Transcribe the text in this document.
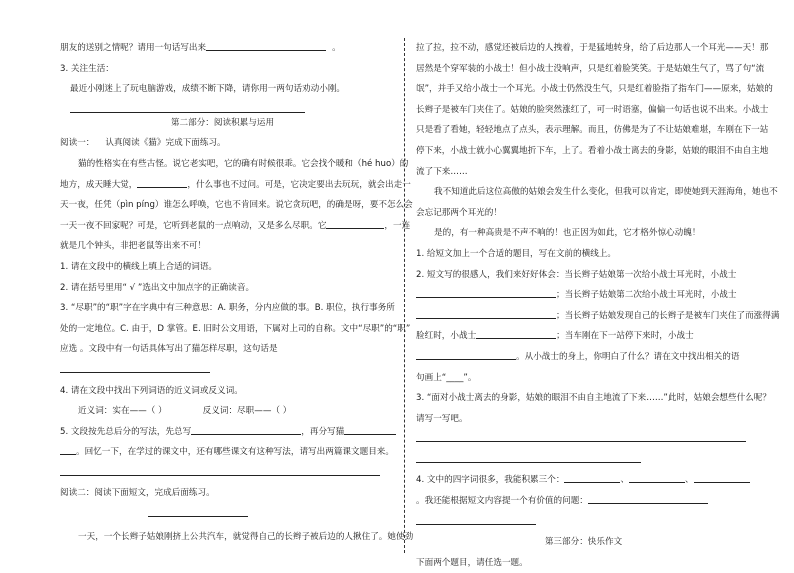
朋友的送别之情呢？请用一句话写出来	。
3. 关注生活：
最近小刚迷上了玩电脑游戏，成绩不断下降，请你用一两句话劝动小刚。
第二部分：阅读积累与运用
阅读一： 认真阅读《猫》完成下面练习。
猫的性格实在有些古怪。说它老实吧，它的确有时候很乖。它会找个暖和（hé huo）的
地方，成天睡大觉，	，什么事也不过问。可是，它决定要出去玩玩，就会出走一
天一夜，任凭（pìn píng）谁怎么呼唤，它也不肯回来。说它贪玩吧，的确是呀，要不怎么会
一天一夜不回家呢？可是，它听到老鼠的一点响动，又是多么尽职。它	，一连
就是几个钟头，非把老鼠等出来不可！
1. 请在文段中的横线上填上合适的词语。
2. 请在括号里用“ √ ”选出文中加点字的正确读音。
3. “尽职”的“职”字在字典中有三种意思：A. 职务，分内应做的事。B. 职位，执行事务所
处的一定地位。C. 由于，D 掌管。E. 旧时公文用语，下属对上司的自称。文中“尽职”的“职”
应选 。文段中有一句话具体写出了猫怎样尽职，这句话是
4. 请在文段中找出下列词语的近义词或反义词。
近义词：实在——（ ）	反义词：尽职——（ ）
5. 文段按先总后分的写法，先总写	，再分写猫
。回忆一下，在学过的课文中，还有哪些课文有这种写法，请写出两篇课文题目来。
阅读二：阅读下面短文，完成后面练习。
一天，一个长辫子姑娘刚挤上公共汽车，就觉得自己的长辫子被后边的人揪住了。她使劲
拉了拉，拉不动，感觉还被后边的人拽着，于是猛地转身，给了后边那人一个耳光——天！那
居然是个穿军装的小战士！但小战士没响声，只是红着脸笑笑。于是姑娘生气了，骂了句“流
氓”，并手又给小战士一个耳光。小战士仍然没生气，只是红着脸指了指车门——原来，姑娘的
长辫子是被车门夹住了。姑娘的脸突然涨红了，可一时语塞，偏偏一句话也说不出来。小战士
只是看了看她，轻轻地点了点头，表示理解。而且，仿佛是为了不让姑娘难堪，车刚在下一站
停下来，小战士就小心翼翼地折下车，上了。看着小战士离去的身影，姑娘的眼泪不由自主地
流了下来……
我不知道此后这位高傲的姑娘会发生什么变化，但我可以肯定，即使她到天涯海角，她也不
会忘记那两个耳光的！
是的，有一种高贵是不声不响的！也正因为如此，它才格外惊心动魄！
1. 给短文加上一个合适的题目，写在文前的横线上。
2. 短文写的很感人，我们来好好体会：当长辫子姑娘第一次给小战士耳光时，小战士
；当长辫子姑娘第二次给小战士耳光时，小战士
；当长辫子姑娘发现自己的长辫子是被车门夹住了而涨得满
脸红时，小战士	；当车刚在下一站停下来时，小战士
。从小战士的身上，你明白了什么？请在文中找出相关的语
句画上“____”。
3. “面对小战士离去的身影，姑娘的眼泪不由自主地流了下来……”此时，姑娘会想些什么呢？
请写一写吧。
4. 文中的四字词很多，我能积累三个：	、	、
。我还能根据短文内容提一个有价值的问题：
第三部分：快乐作文
下面两个题目，请任选一题。
